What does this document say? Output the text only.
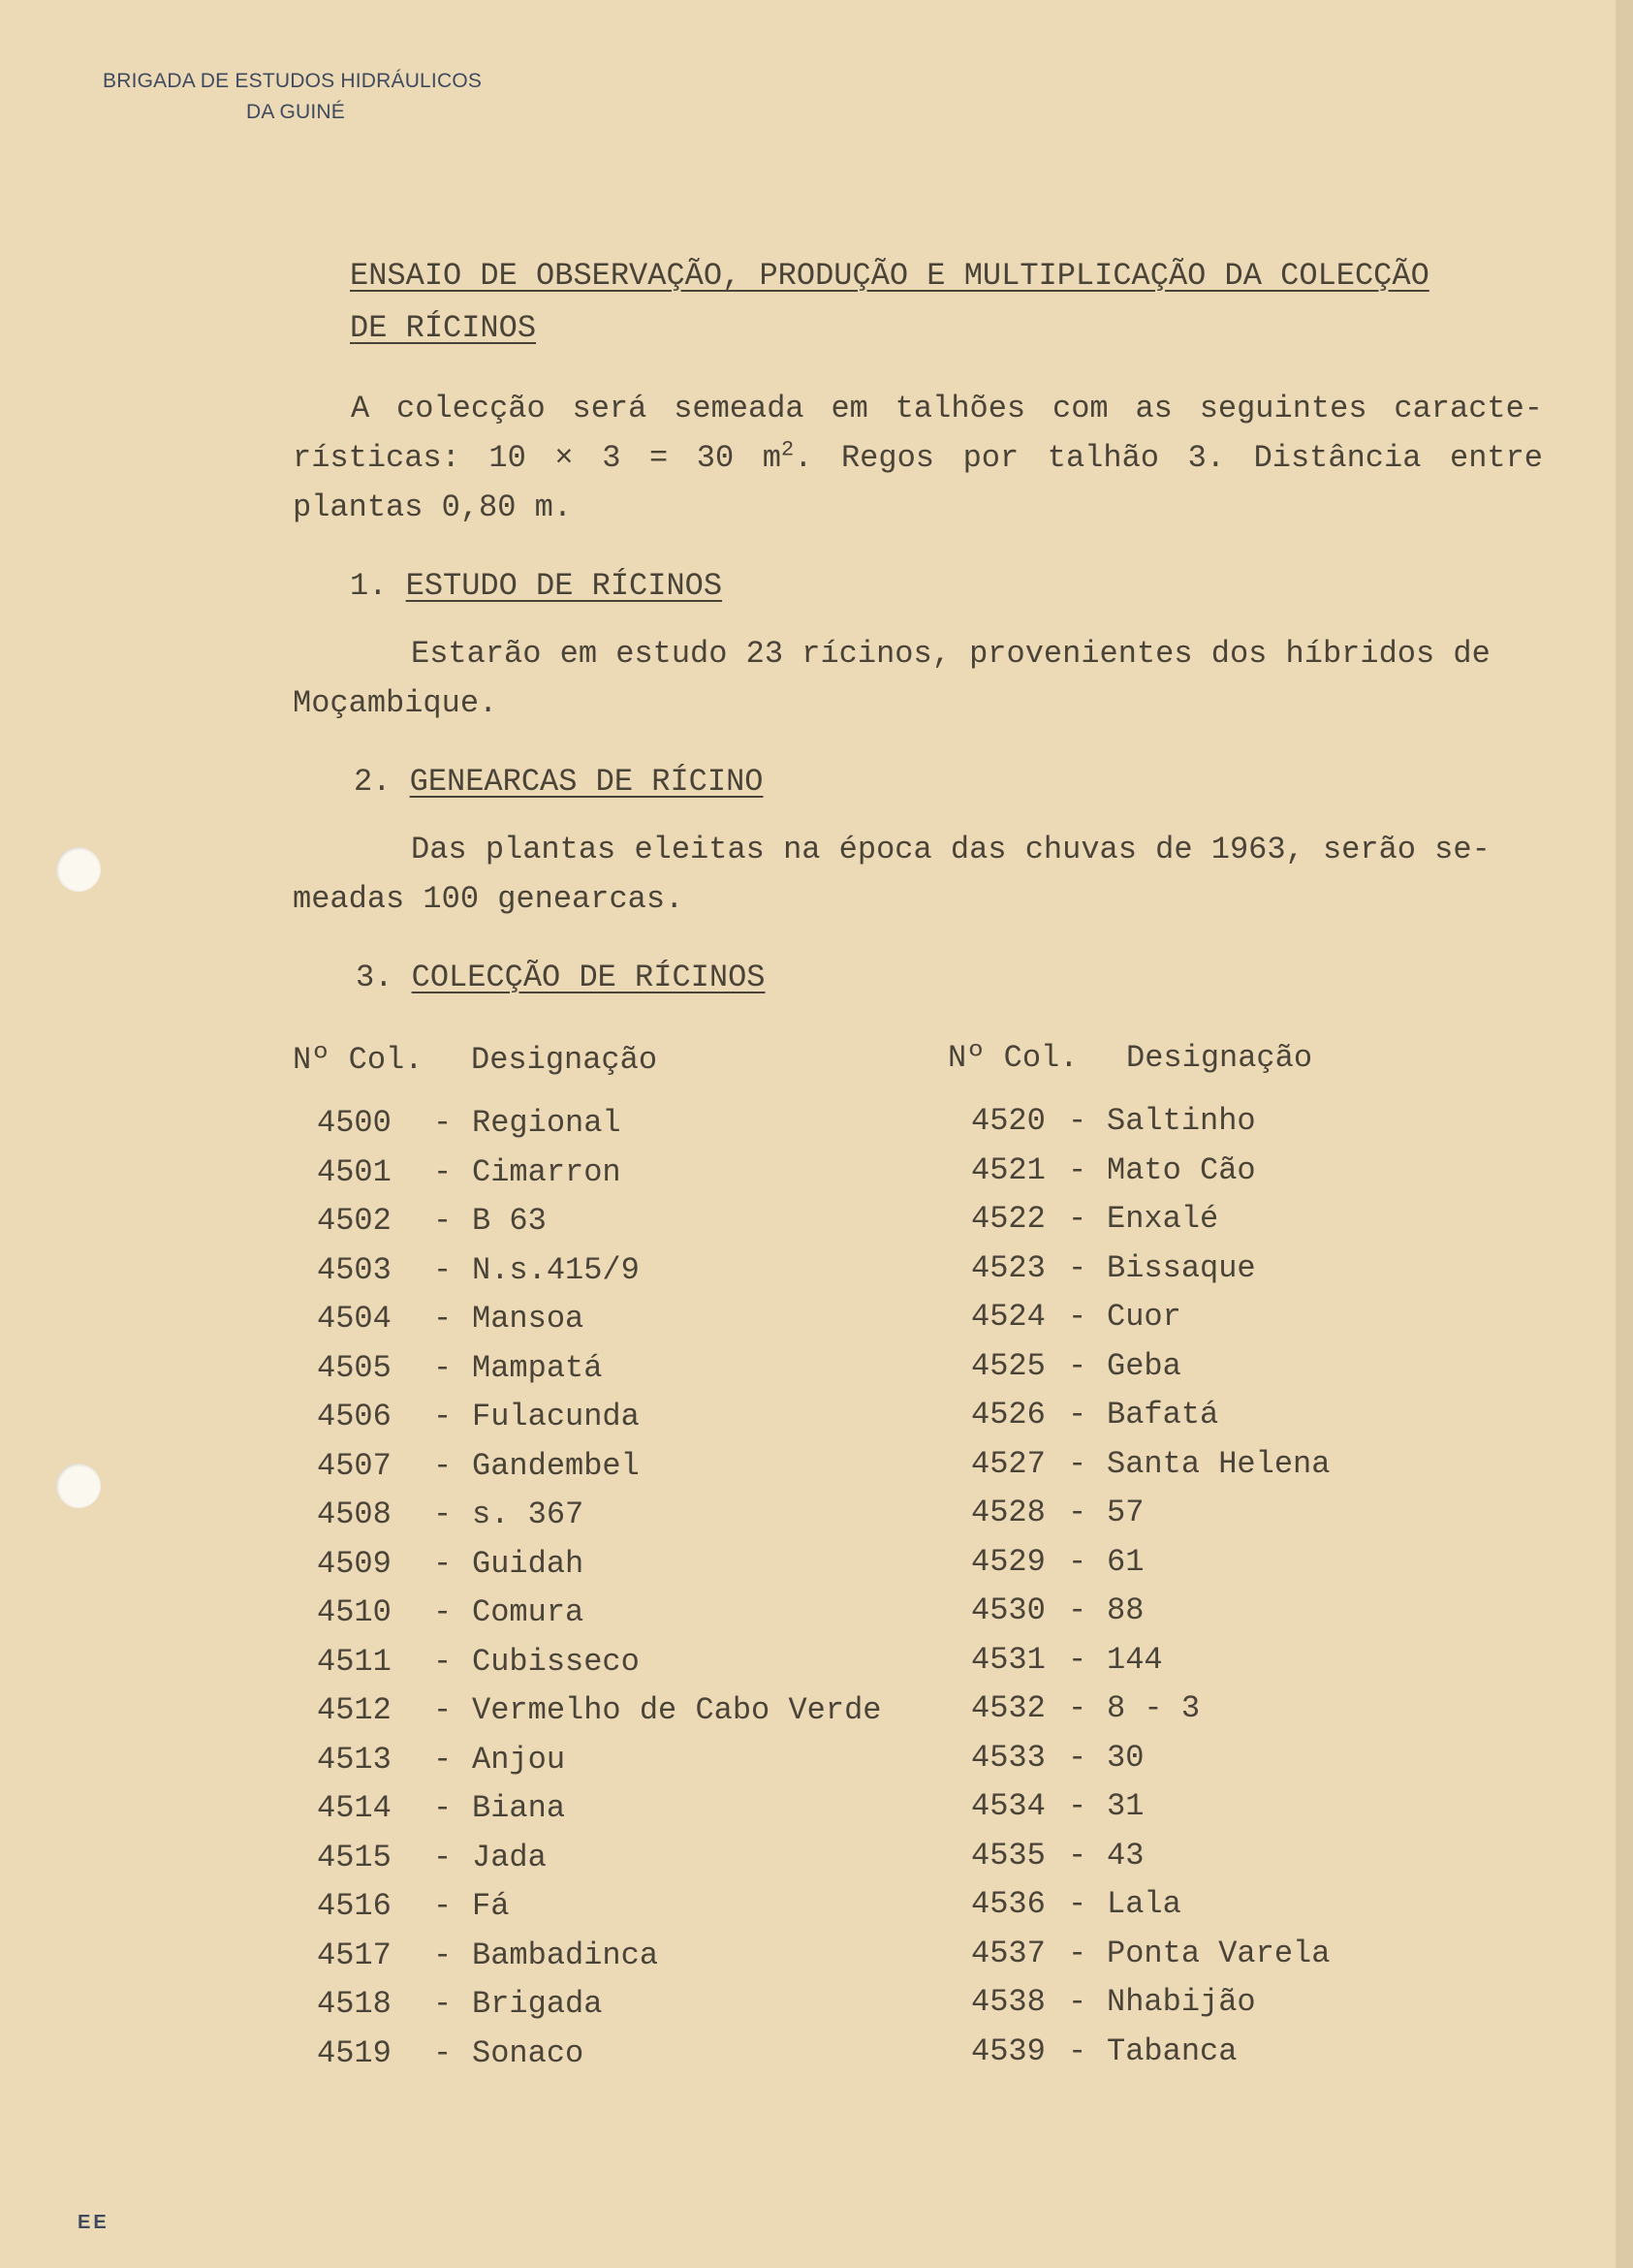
BRIGADA DE ESTUDOS HIDRÁULICOS
DA GUINÉ
ENSAIO DE OBSERVAÇÃO, PRODUÇÃO E MULTIPLICAÇÃO DA COLECÇÃO
DE RÍCINOS
A colecção será semeada em talhões com as seguintes caracte-
rísticas: 10 × 3 = 30 $m^2$. Regos por talhão 3. Distância entre
plantas 0,80 m.
1. ESTUDO DE RÍCINOS
Estarão em estudo 23 rícinos, provenientes dos híbridos de
Moçambique.
2. GENEARCAS DE RÍCINO
Das plantas eleitas na época das chuvas de 1963, serão se-
meadas 100 genearcas.
3. COLECÇÃO DE RÍCINOS
Nº Col. Designação	Nº Col. Designação
4500 - Regional
4501 - Cimarron
4502 - B 63
4503 - N.s.415/9
4504 - Mansoa
4505 - Mampatá
4506 - Fulacunda
4507 - Gandembel
4508 - s. 367
4509 - Guidah
4510 - Comura
4511 - Cubisseco
4512 - Vermelho de Cabo Verde
4513 - Anjou
4514 - Biana
4515 - Jada
4516 - Fá
4517 - Bambadinca
4518 - Brigada
4519 - Sonaco
4520 - Saltinho
4521 - Mato Cão
4522 - Enxalé
4523 - Bissaque
4524 - Cuor
4525 - Geba
4526 - Bafatá
4527 - Santa Helena
4528 - 57
4529 - 61
4530 - 88
4531 - 144
4532 - 8 - 3
4533 - 30
4534 - 31
4535 - 43
4536 - Lala
4537 - Ponta Varela
4538 - Nhabijão
4539 - Tabanca
EE
